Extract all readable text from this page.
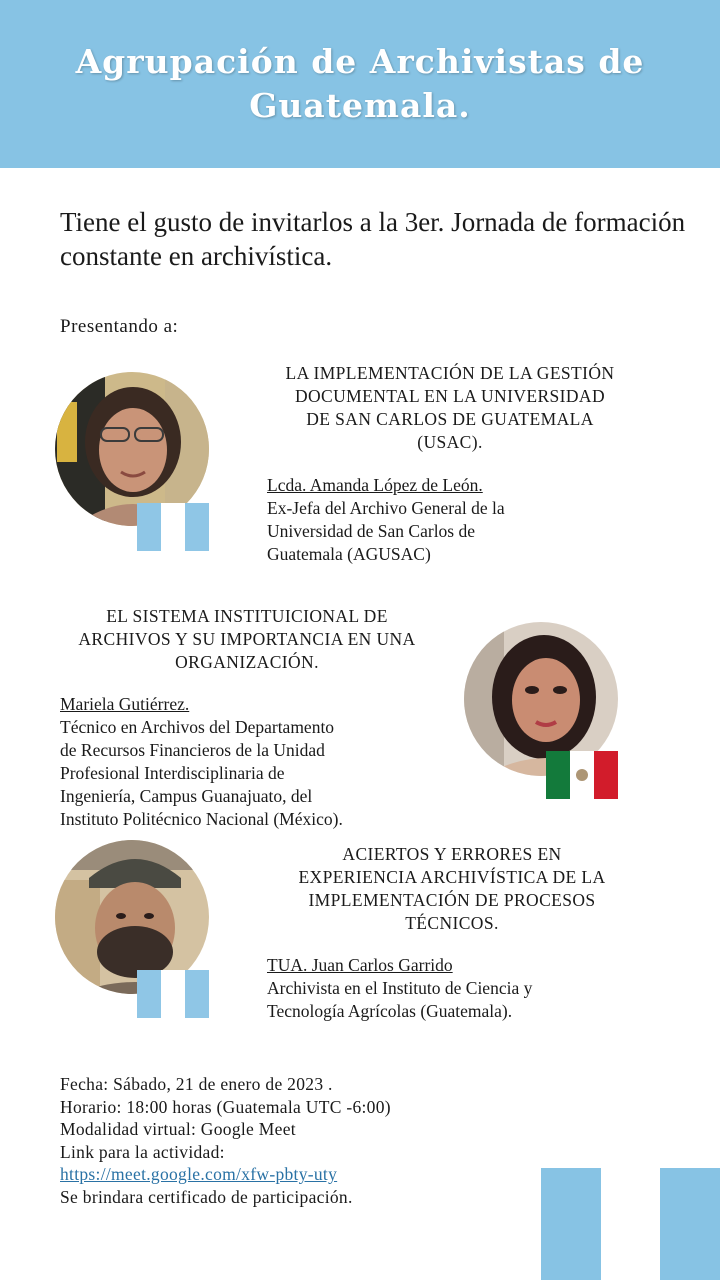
Agrupación de Archivistas de Guatemala.
Tiene el gusto de invitarlos a la 3er. Jornada de formación constante en archivística.
Presentando a:
LA IMPLEMENTACIÓN DE LA GESTIÓN
DOCUMENTAL EN LA UNIVERSIDAD
DE SAN CARLOS DE GUATEMALA
(USAC).
Lcda. Amanda López de León.
Ex-Jefa del Archivo General de la
Universidad de San Carlos de
Guatemala (AGUSAC)
EL SISTEMA INSTITUICIONAL DE
ARCHIVOS Y SU IMPORTANCIA EN UNA
ORGANIZACIÓN.
Mariela Gutiérrez.
Técnico en Archivos del Departamento
de Recursos Financieros de la Unidad
Profesional Interdisciplinaria de
Ingeniería, Campus Guanajuato, del
Instituto Politécnico Nacional (México).
ACIERTOS Y ERRORES EN
EXPERIENCIA ARCHIVÍSTICA DE LA
IMPLEMENTACIÓN DE PROCESOS
TÉCNICOS.
TUA. Juan Carlos Garrido
Archivista en el Instituto de Ciencia y
Tecnología Agrícolas (Guatemala).
Fecha: Sábado, 21 de enero de 2023 .
Horario: 18:00 horas (Guatemala UTC -6:00)
Modalidad virtual: Google Meet
Link para la actividad:
https://meet.google.com/xfw-pbty-uty
Se brindara certificado de participación.
